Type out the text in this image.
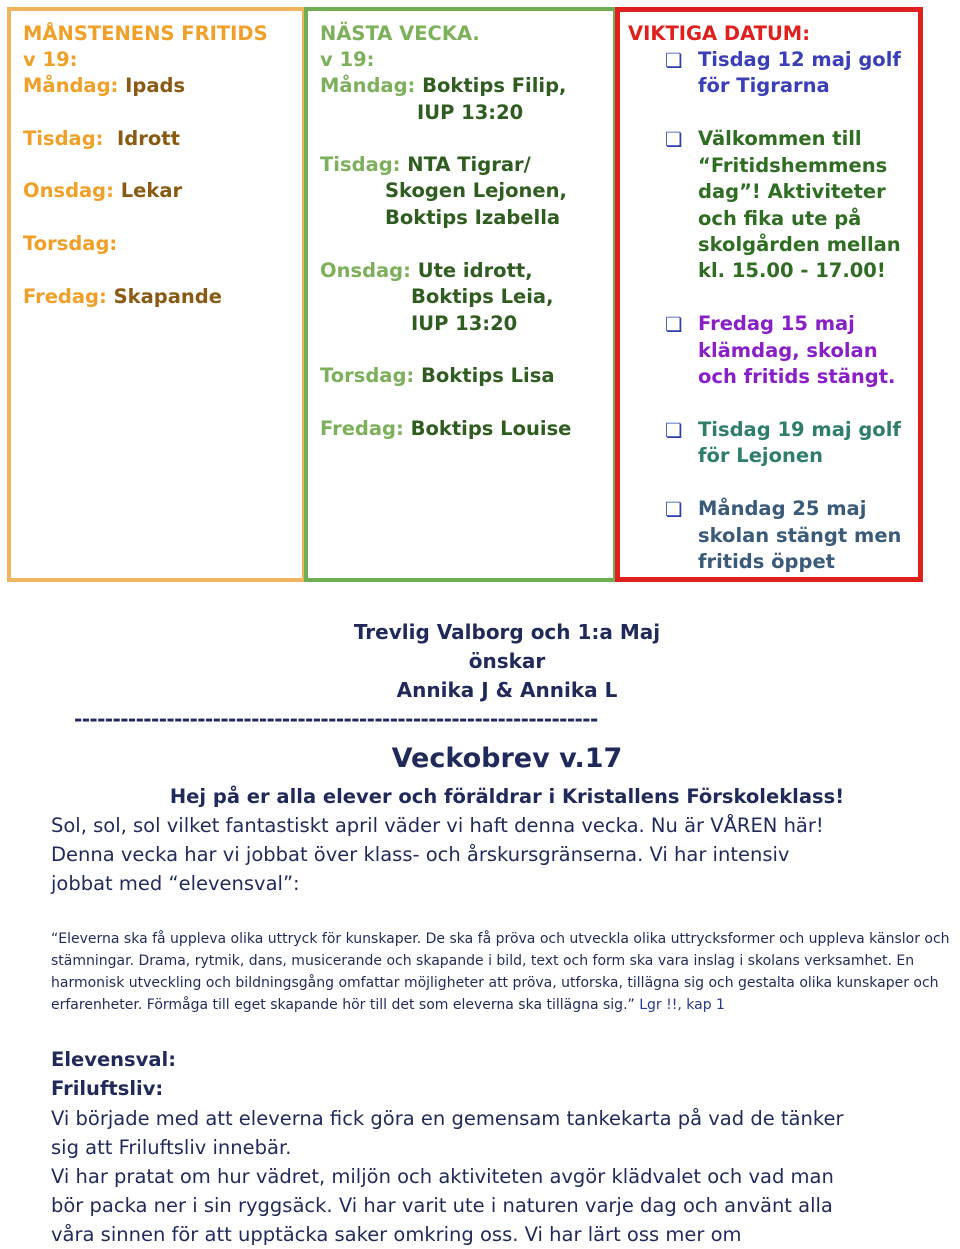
MÅNSTENENS FRITIDS
v 19:
Måndag: Ipads
Tisdag: Idrott
Onsdag: Lekar
Torsdag:
Fredag: Skapande
NÄSTA VECKA.
v 19:
Måndag: Boktips Filip,
IUP 13:20
Tisdag: NTA Tigrar/
Skogen Lejonen,
Boktips Izabella
Onsdag: Ute idrott,
Boktips Leia,
IUP 13:20
Torsdag: Boktips Lisa
Fredag: Boktips Louise
VIKTIGA DATUM:
❏ Tisdag 12 maj golf
för Tigrarna
❏ Välkommen till
“Fritidshemmens
dag”! Aktiviteter
och fika ute på
skolgården mellan
kl. 15.00 - 17.00!
❏ Fredag 15 maj
klämdag, skolan
och fritids stängt.
❏ Tisdag 19 maj golf
för Lejonen
❏ Måndag 25 maj
skolan stängt men
fritids öppet
Trevlig Valborg och 1:a Maj
önskar
Annika J & Annika L
--------------------------------------------------------------------
Veckobrev v.17
Hej på er alla elever och föräldrar i Kristallens Förskoleklass!
Sol, sol, sol vilket fantastiskt april väder vi haft denna vecka. Nu är VÅREN här!
Denna vecka har vi jobbat över klass- och årskursgränserna. Vi har intensiv
jobbat med “elevensval”:
“Eleverna ska få uppleva olika uttryck för kunskaper. De ska få pröva och utveckla olika uttrycksformer och uppleva känslor och
stämningar. Drama, rytmik, dans, musicerande och skapande i bild, text och form ska vara inslag i skolans verksamhet. En
harmonisk utveckling och bildningsgång omfattar möjligheter att pröva, utforska, tillägna sig och gestalta olika kunskaper och
erfarenheter. Förmåga till eget skapande hör till det som eleverna ska tillägna sig.” Lgr !!, kap 1
Elevensval:
Friluftsliv:
Vi började med att eleverna fick göra en gemensam tankekarta på vad de tänker
sig att Friluftsliv innebär.
Vi har pratat om hur vädret, miljön och aktiviteten avgör klädvalet och vad man
bör packa ner i sin ryggsäck. Vi har varit ute i naturen varje dag och använt alla
våra sinnen för att upptäcka saker omkring oss. Vi har lärt oss mer om
